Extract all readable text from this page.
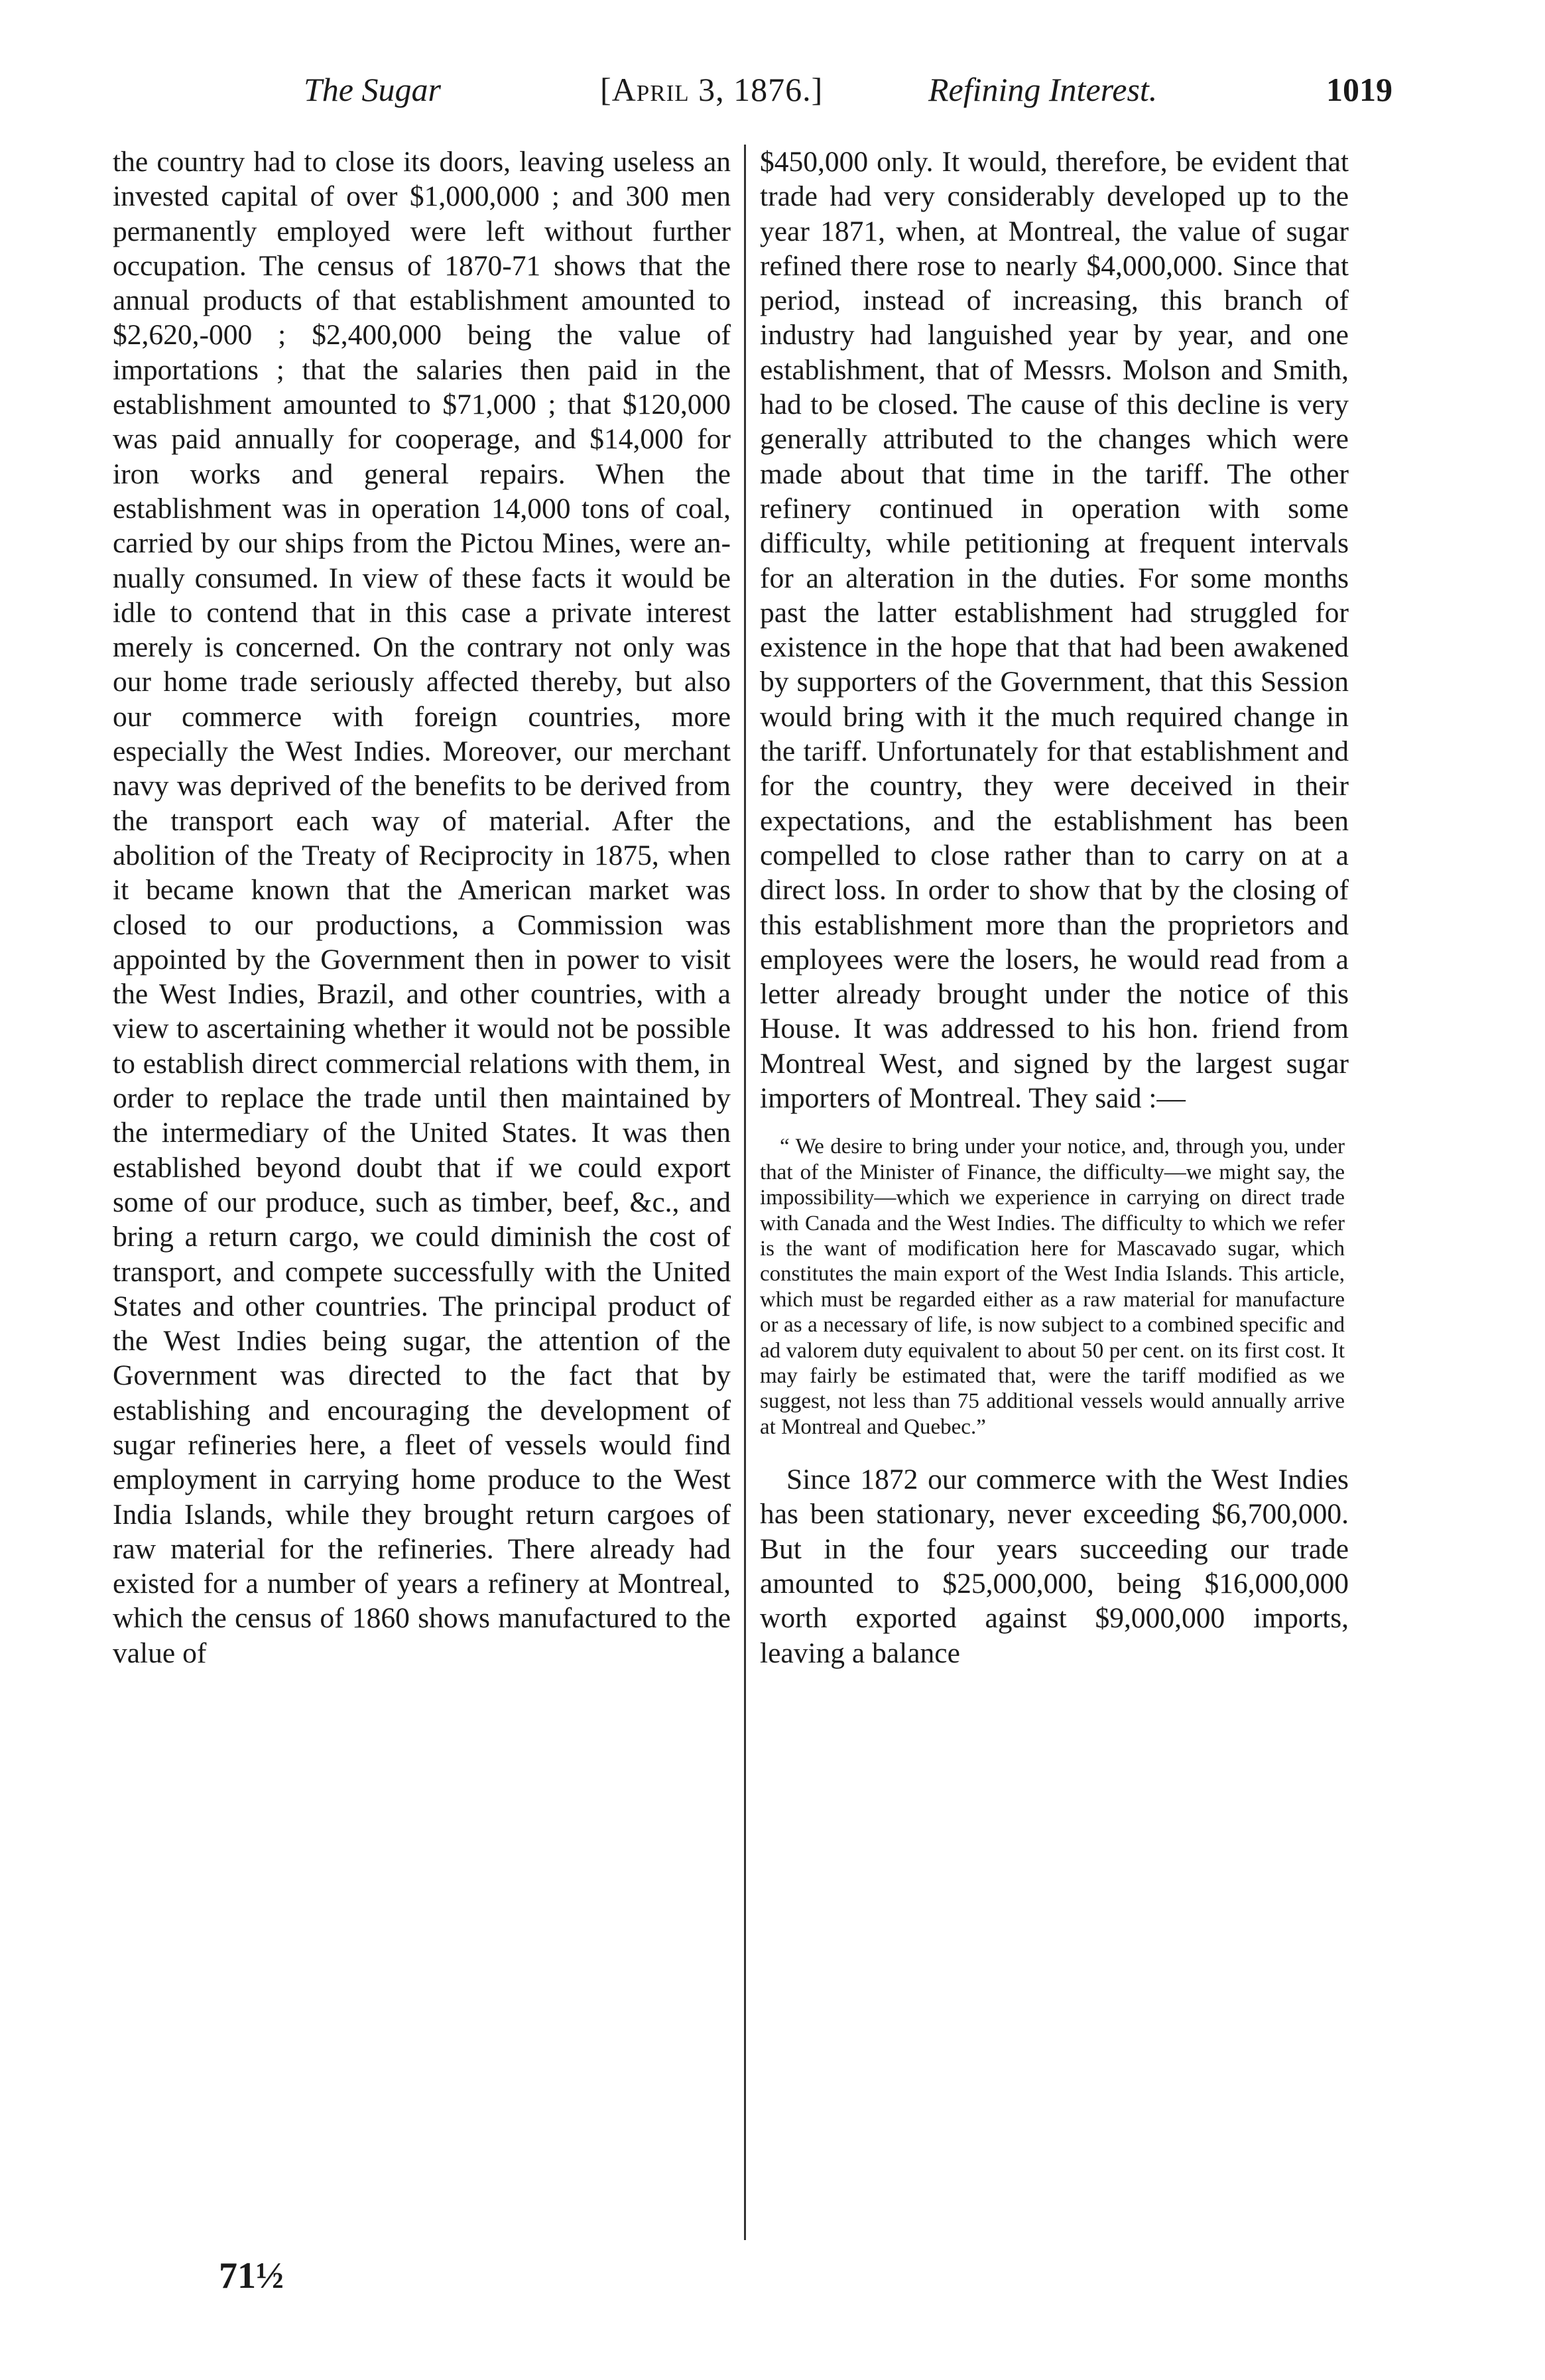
The Sugar	[April 3, 1876.]	Refining Interest.	1019

the country had to close its doors, leaving useless an invested capital of over $1,000,000 ; and 300 men permanently employed were left without further occupation. The census of 1870-71 shows that the annual products of that establishment amounted to $2,620,-000 ; $2,400,000 being the value of importations ; that the salaries then paid in the establishment amounted to $71,000 ; that $120,000 was paid annually for cooperage, and $14,000 for iron works and general repairs. When the establishment was in operation 14,000 tons of coal, carried by our ships from the Pictou Mines, were annually consumed. In view of these facts it would be idle to contend that in this case a private interest merely is concerned. On the contrary not only was our home trade seriously affected thereby, but also our commerce with foreign countries, more especially the West Indies. Moreover, our merchant navy was deprived of the benefits to be derived from the transport each way of material. After the abolition of the Treaty of Reciprocity in 1875, when it became known that the American market was closed to our productions, a Commission was appointed by the Government then in power to visit the West Indies, Brazil, and other countries, with a view to ascertaining whether it would not be possible to establish direct commercial relations with them, in order to replace the trade until then maintained by the intermediary of the United States. It was then established beyond doubt that if we could export some of our produce, such as timber, beef, &c., and bring a return cargo, we could diminish the cost of transport, and compete successfully with the United States and other countries. The principal product of the West Indies being sugar, the attention of the Government was directed to the fact that by establishing and encouraging the development of sugar refineries here, a fleet of vessels would find employment in carrying home produce to the West India Islands, while they brought return cargoes of raw material for the refineries. There already had existed for a number of years a refinery at Montreal, which the census of 1860 shows manufactured to the value of

$450,000 only. It would, therefore, be evident that trade had very considerably developed up to the year 1871, when, at Montreal, the value of sugar refined there rose to nearly $4,000,000. Since that period, instead of increasing, this branch of industry had languished year by year, and one establishment, that of Messrs. Molson and Smith, had to be closed. The cause of this decline is very generally attributed to the changes which were made about that time in the tariff. The other refinery continued in operation with some difficulty, while petitioning at frequent intervals for an alteration in the duties. For some months past the latter establishment had struggled for existence in the hope that that had been awakened by supporters of the Government, that this Session would bring with it the much required change in the tariff. Unfortunately for that establishment and for the country, they were deceived in their expectations, and the establishment has been compelled to close rather than to carry on at a direct loss. In order to show that by the closing of this establishment more than the proprietors and employees were the losers, he would read from a letter already brought under the notice of this House. It was addressed to his hon. friend from Montreal West, and signed by the largest sugar importers of Montreal. They said :—

“ We desire to bring under your notice, and, through you, under that of the Minister of Finance, the difficulty—we might say, the impossibility—which we experience in carrying on direct trade with Canada and the West Indies. The difficulty to which we refer is the want of modification here for Mascavado sugar, which constitutes the main export of the West India Islands. This article, which must be regarded either as a raw material for manufacture or as a necessary of life, is now subject to a combined specific and ad valorem duty equivalent to about 50 per cent. on its first cost. It may fairly be estimated that, were the tariff modified as we suggest, not less than 75 additional vessels would annually arrive at Montreal and Quebec.”

Since 1872 our commerce with the West Indies has been stationary, never exceeding $6,700,000. But in the four years succeeding our trade amounted to $25,000,000, being $16,000,000 worth exported against $9,000,000 imports, leaving a balance

71½
